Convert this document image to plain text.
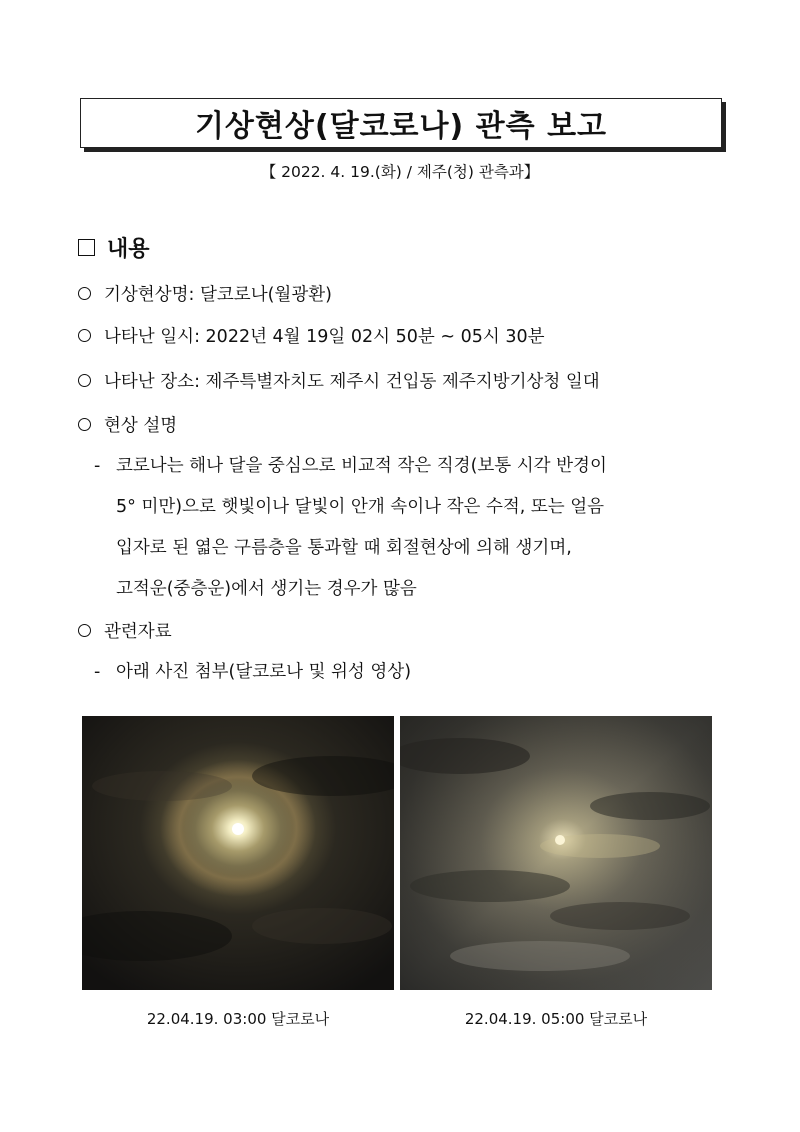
기상현상(달코로나) 관측 보고
【 2022. 4. 19.(화) / 제주(청) 관측과】
내용
기상현상명: 달코로나(월광환)
나타난 일시: 2022년 4월 19일 02시 50분 ~ 05시 30분
나타난 장소: 제주특별자치도 제주시 건입동 제주지방기상청 일대
현상 설명
- 코로나는 해나 달을 중심으로 비교적 작은 직경(보통 시각 반경이
5° 미만)으로 햇빛이나 달빛이 안개 속이나 작은 수적, 또는 얼음
입자로 된 엷은 구름층을 통과할 때 회절현상에 의해 생기며,
고적운(중층운)에서 생기는 경우가 많음
관련자료
- 아래 사진 첨부(달코로나 및 위성 영상)
22.04.19. 03:00 달코로나	22.04.19. 05:00 달코로나
